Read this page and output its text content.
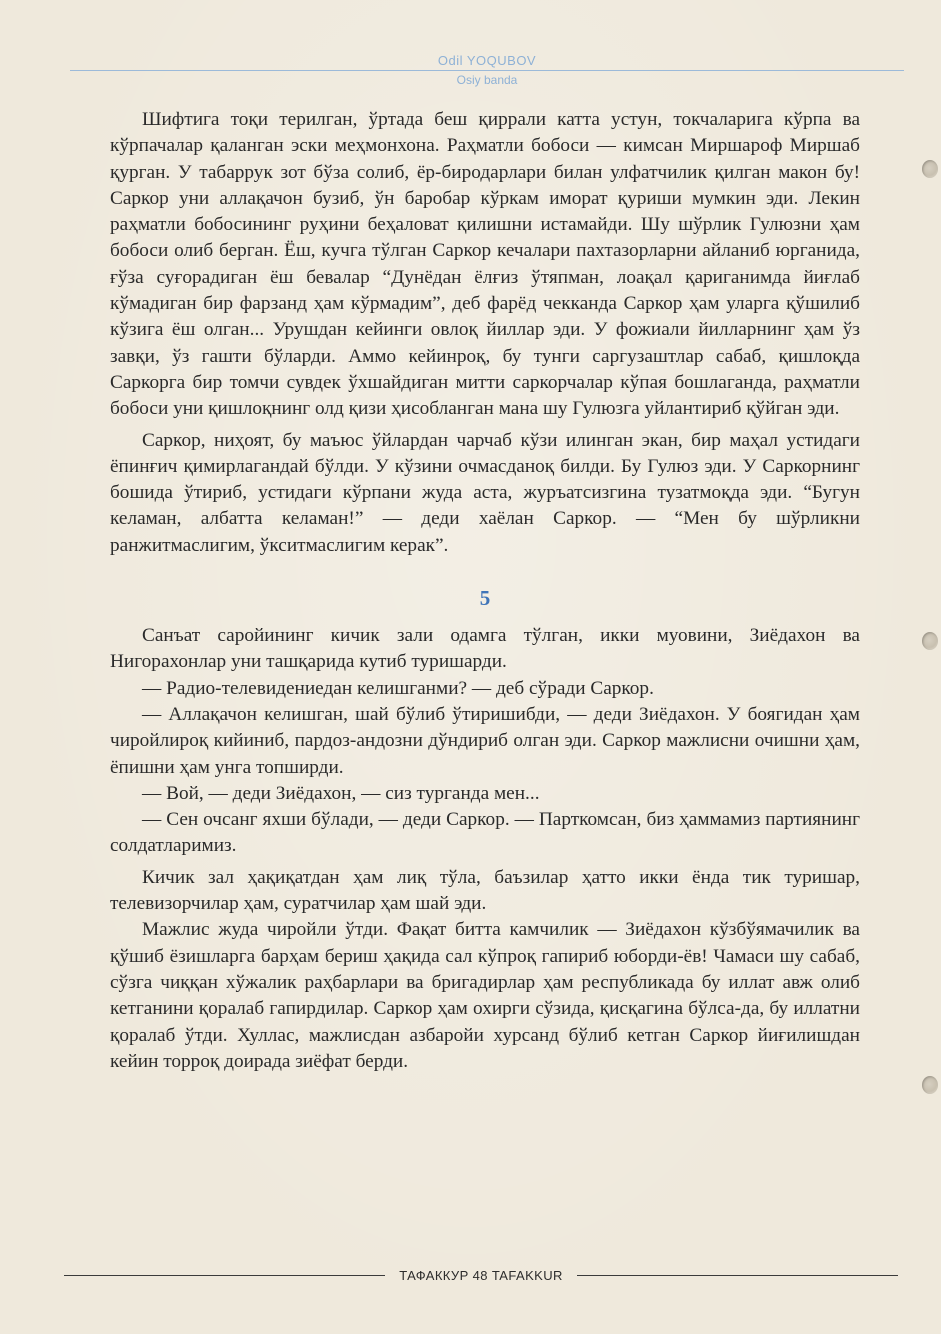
Odil YOQUBOV
Osiy banda

Шифтига тоқи терилган, ўртада беш қиррали катта устун, токчаларига кўрпа ва кўрпачалар қаланган эски меҳмонхона. Раҳматли бобоси — кимсан Миршароф Миршаб қурган. У табаррук зот бўза солиб, ёр-биродарлари билан улфатчилик қилган макон бу! Саркор уни аллақачон бузиб, ўн баробар кўркам иморат қуриши мумкин эди. Лекин раҳматли бобосининг руҳини беҳаловат қилишни истамайди. Шу шўрлик Гулюзни ҳам бобоси олиб берган. Ёш, кучга тўлган Саркор кечалари пахтазорларни айланиб юрганида, ғўза суғорадиган ёш бевалар “Дунёдан ёлғиз ўтяпман, лоақал қариганимда йиғлаб кўмадиган бир фарзанд ҳам кўрмадим”, деб фарёд чекканда Саркор ҳам уларга қўшилиб кўзига ёш олган... Урушдан кейинги овлоқ йиллар эди. У фожиали йилларнинг ҳам ўз завқи, ўз гашти бўларди. Аммо кейинроқ, бу тунги саргузаштлар сабаб, қишлоқда Саркорга бир томчи сувдек ўхшайдиган митти саркорчалар кўпая бошлаганда, раҳматли бобоси уни қишлоқнинг олд қизи ҳисобланган мана шу Гулюзга уйлантириб қўйган эди.

Саркор, ниҳоят, бу маъюс ўйлардан чарчаб кўзи илинган экан, бир маҳал устидаги ёпинғич қимирлагандай бўлди. У кўзини очмасданоқ билди. Бу Гулюз эди. У Саркорнинг бошида ўтириб, устидаги кўрпани жуда аста, журъатсизгина тузатмоқда эди. “Бугун келаман, албатта келаман!” — деди хаёлан Саркор. — “Мен бу шўрликни ранжитмаслигим, ўкситмаслигим керак”.

5

Санъат саройининг кичик зали одамга тўлган, икки муовини, Зиёдахон ва Нигорахонлар уни ташқарида кутиб туришарди.

— Радио-телевидениедан келишганми? — деб сўради Саркор.

— Аллақачон келишган, шай бўлиб ўтиришибди, — деди Зиёдахон. У боягидан ҳам чиройлироқ кийиниб, пардоз-андозни дўндириб олган эди. Саркор мажлисни очишни ҳам, ёпишни ҳам унга топширди.

— Вой, — деди Зиёдахон, — сиз турганда мен...

— Сен очсанг яхши бўлади, — деди Саркор. — Парткомсан, биз ҳаммамиз партиянинг солдатларимиз.

Кичик зал ҳақиқатдан ҳам лиқ тўла, баъзилар ҳатто икки ёнда тик туришар, телевизорчилар ҳам, суратчилар ҳам шай эди.

Мажлис жуда чиройли ўтди. Фақат битта камчилик — Зиёдахон кўзбўямачилик ва қўшиб ёзишларга барҳам бериш ҳақида сал кўпроқ гапириб юборди-ёв! Чамаси шу сабаб, сўзга чиққан хўжалик раҳбарлари ва бригадирлар ҳам республикада бу иллат авж олиб кетганини қоралаб гапирдилар. Саркор ҳам охирги сўзида, қисқагина бўлса-да, бу иллатни қоралаб ўтди. Хуллас, мажлисдан азбаройи хурсанд бўлиб кетган Саркор йиғилишдан кейин торроқ доирада зиёфат берди.

ТАФАККУР 48 TAFAKKUR
